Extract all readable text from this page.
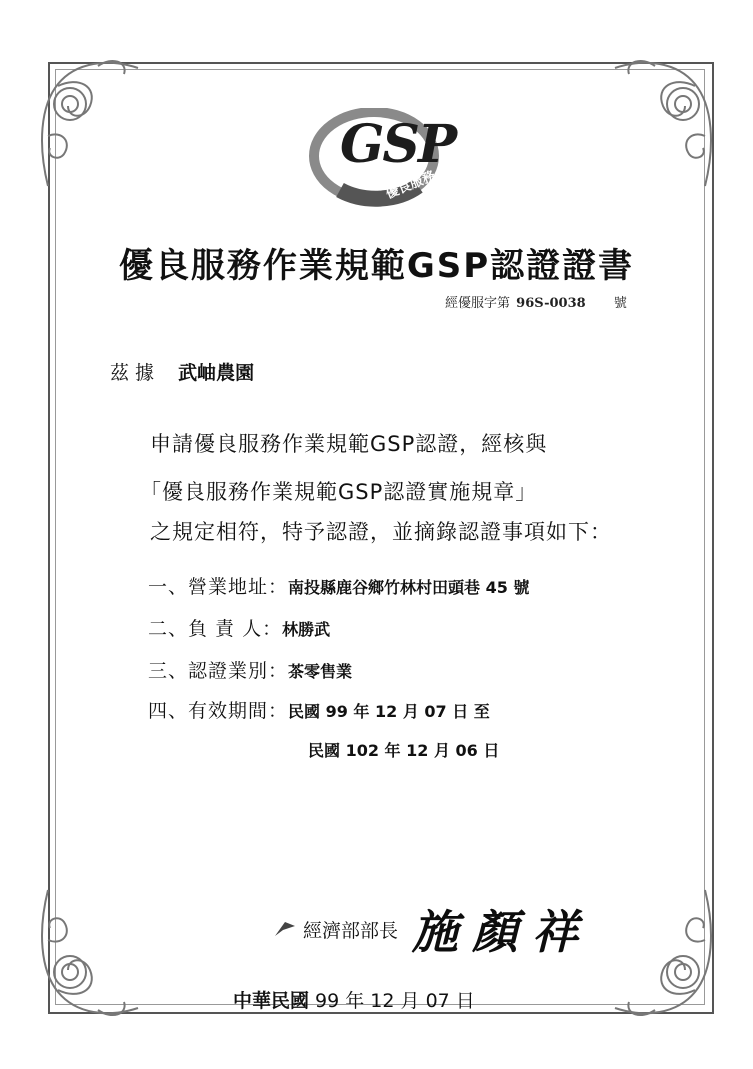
GSP
優良服務
優良服務作業規範GSP認證證書
經優服字第 96S-0038 號
茲據 武岫農園
申請優良服務作業規範GSP認證，經核與
「優良服務作業規範GSP認證實施規章」
之規定相符，特予認證，並摘錄認證事項如下：
一、營業地址：南投縣鹿谷鄉竹林村田頭巷 45 號
二、負 責 人：林勝武
三、認證業別：茶零售業
四、有效期間：民國 99 年 12 月 07 日 至
民國 102 年 12 月 06 日
經濟部部長 施顏祥
中華民國 99 年 12 月 07 日
